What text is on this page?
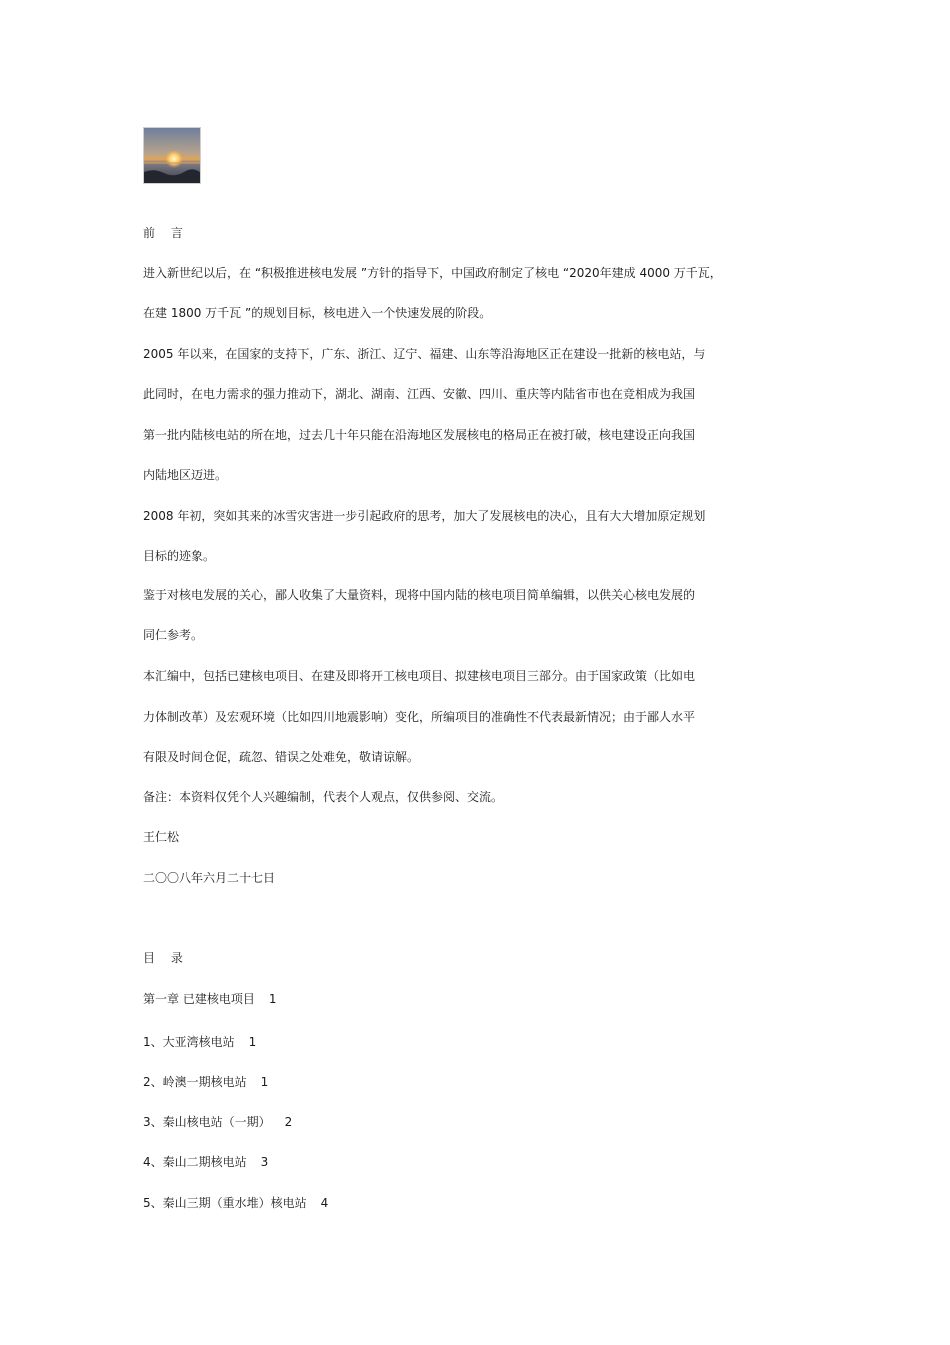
前 言
进入新世纪以后，在 “积极推进核电发展 ”方针的指导下，中国政府制定了核电 “2020年建成 4000 万千瓦，
在建 1800 万千瓦 ”的规划目标，核电进入一个快速发展的阶段。
2005 年以来，在国家的支持下，广东、浙江、辽宁、福建、山东等沿海地区正在建设一批新的核电站，与
此同时，在电力需求的强力推动下，湖北、湖南、江西、安徽、四川、重庆等内陆省市也在竞相成为我国
第一批内陆核电站的所在地，过去几十年只能在沿海地区发展核电的格局正在被打破，核电建设正向我国
内陆地区迈进。
2008 年初，突如其来的冰雪灾害进一步引起政府的思考，加大了发展核电的决心，且有大大增加原定规划
目标的迹象。
鉴于对核电发展的关心，鄙人收集了大量资料，现将中国内陆的核电项目简单编辑，以供关心核电发展的
同仁参考。
本汇编中，包括已建核电项目、在建及即将开工核电项目、拟建核电项目三部分。由于国家政策（比如电
力体制改革）及宏观环境（比如四川地震影响）变化，所编项目的准确性不代表最新情况；由于鄙人水平
有限及时间仓促，疏忽、错误之处难免，敬请谅解。
备注：本资料仅凭个人兴趣编制，代表个人观点，仅供参阅、交流。
王仁松
二〇〇八年六月二十七日
目 录
第一章 已建核电项目 1
1、大亚湾核电站 1
2、岭澳一期核电站 1
3、秦山核电站（一期） 2
4、秦山二期核电站 3
5、秦山三期（重水堆）核电站 4
